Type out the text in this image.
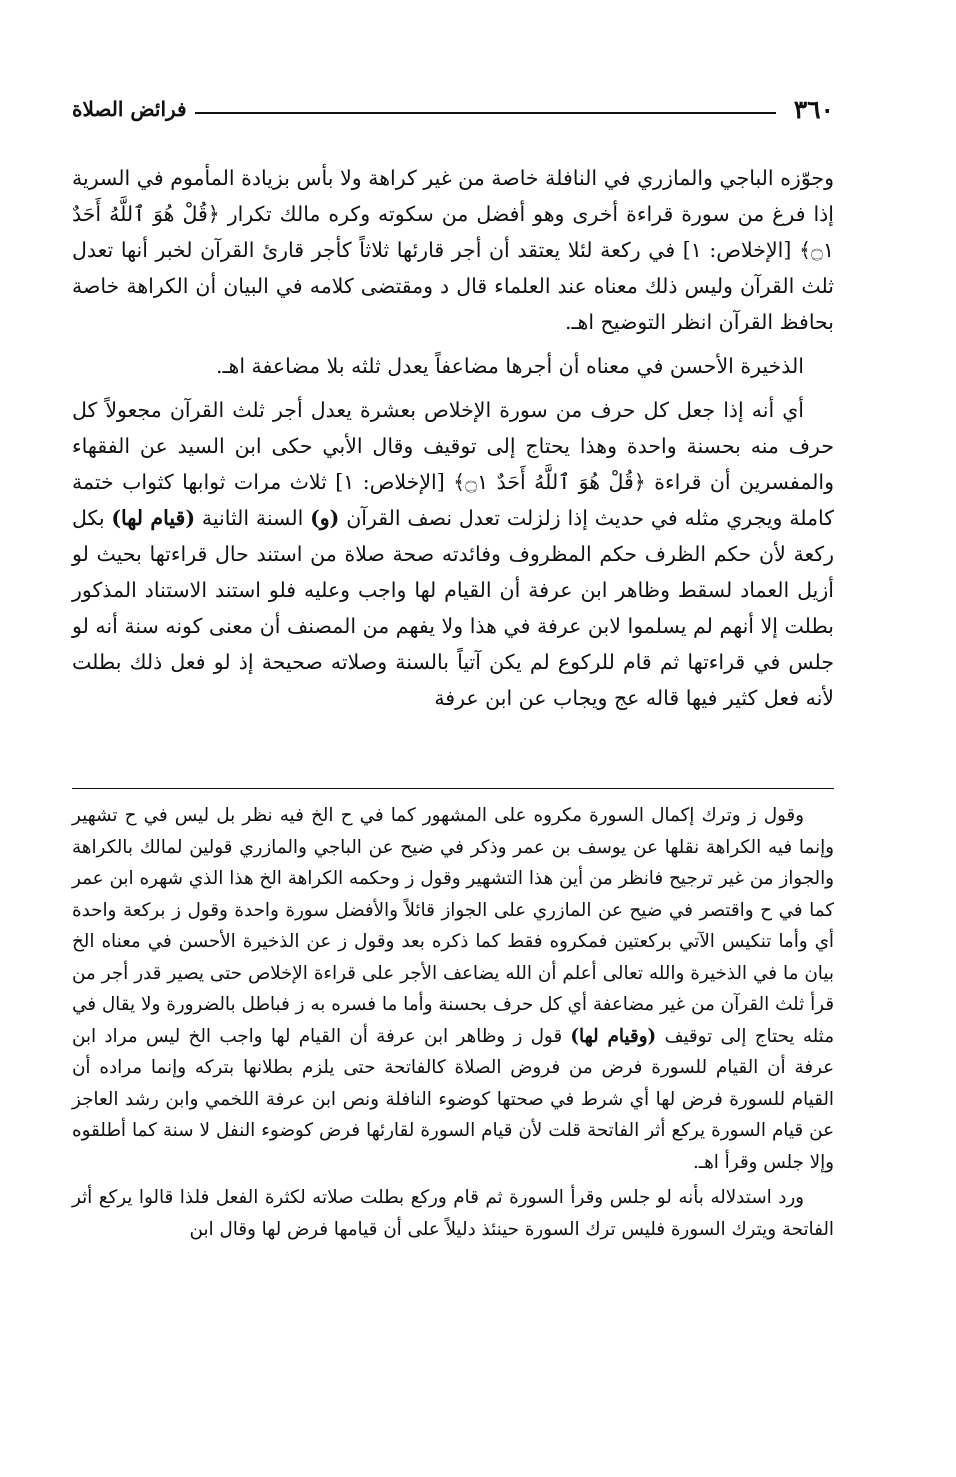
٣٦٠
فرائض الصلاة

وجوّزه الباجي والمازري في النافلة خاصة من غير كراهة ولا بأس بزيادة المأموم في السرية إذا فرغ من سورة قراءة أخرى وهو أفضل من سكوته وكره مالك تكرار ﴿قُلْ هُوَ ٱللَّهُ أَحَدٌ ۝١﴾ [الإخلاص: ١] في ركعة لئلا يعتقد أن أجر قارئها ثلاثاً كأجر قارئ القرآن لخبر أنها تعدل ثلث القرآن وليس ذلك معناه عند العلماء قال د ومقتضى كلامه في البيان أن الكراهة خاصة بحافظ القرآن انظر التوضيح اهـ.

الذخيرة الأحسن في معناه أن أجرها مضاعفاً يعدل ثلثه بلا مضاعفة اهـ.

أي أنه إذا جعل كل حرف من سورة الإخلاص بعشرة يعدل أجر ثلث القرآن مجعولاً كل حرف منه بحسنة واحدة وهذا يحتاج إلى توقيف وقال الأبي حكى ابن السيد عن الفقهاء والمفسرين أن قراءة ﴿قُلْ هُوَ ٱللَّهُ أَحَدٌ ۝١﴾ [الإخلاص: ١] ثلاث مرات ثوابها كثواب ختمة كاملة ويجري مثله في حديث إذا زلزلت تعدل نصف القرآن (و) السنة الثانية (قيام لها) بكل ركعة لأن حكم الظرف حكم المظروف وفائدته صحة صلاة من استند حال قراءتها بحيث لو أزيل العماد لسقط وظاهر ابن عرفة أن القيام لها واجب وعليه فلو استند الاستناد المذكور بطلت إلا أنهم لم يسلموا لابن عرفة في هذا ولا يفهم من المصنف أن معنى كونه سنة أنه لو جلس في قراءتها ثم قام للركوع لم يكن آتياً بالسنة وصلاته صحيحة إذ لو فعل ذلك بطلت لأنه فعل كثير فيها قاله عج ويجاب عن ابن عرفة

وقول ز وترك إكمال السورة مكروه على المشهور كما في ح الخ فيه نظر بل ليس في ح تشهير وإنما فيه الكراهة نقلها عن يوسف بن عمر وذكر في ضيح عن الباجي والمازري قولين لمالك بالكراهة والجواز من غير ترجيح فانظر من أين هذا التشهير وقول ز وحكمه الكراهة الخ هذا الذي شهره ابن عمر كما في ح واقتصر في ضيح عن المازري على الجواز قائلاً والأفضل سورة واحدة وقول ز بركعة واحدة أي وأما تنكيس الآتي بركعتين فمكروه فقط كما ذكره بعد وقول ز عن الذخيرة الأحسن في معناه الخ بيان ما في الذخيرة والله تعالى أعلم أن الله يضاعف الأجر على قراءة الإخلاص حتى يصير قدر أجر من قرأ ثلث القرآن من غير مضاعفة أي كل حرف بحسنة وأما ما فسره به ز فباطل بالضرورة ولا يقال في مثله يحتاج إلى توقيف (وقيام لها) قول ز وظاهر ابن عرفة أن القيام لها واجب الخ ليس مراد ابن عرفة أن القيام للسورة فرض من فروض الصلاة كالفاتحة حتى يلزم بطلانها بتركه وإنما مراده أن القيام للسورة فرض لها أي شرط في صحتها كوضوء النافلة ونص ابن عرفة اللخمي وابن رشد العاجز عن قيام السورة يركع أثر الفاتحة قلت لأن قيام السورة لقارئها فرض كوضوء النفل لا سنة كما أطلقوه وإلا جلس وقرأ اهـ.

ورد استدلاله بأنه لو جلس وقرأ السورة ثم قام وركع بطلت صلاته لكثرة الفعل فلذا قالوا يركع أثر الفاتحة ويترك السورة فليس ترك السورة حينئذ دليلاً على أن قيامها فرض لها وقال ابن
